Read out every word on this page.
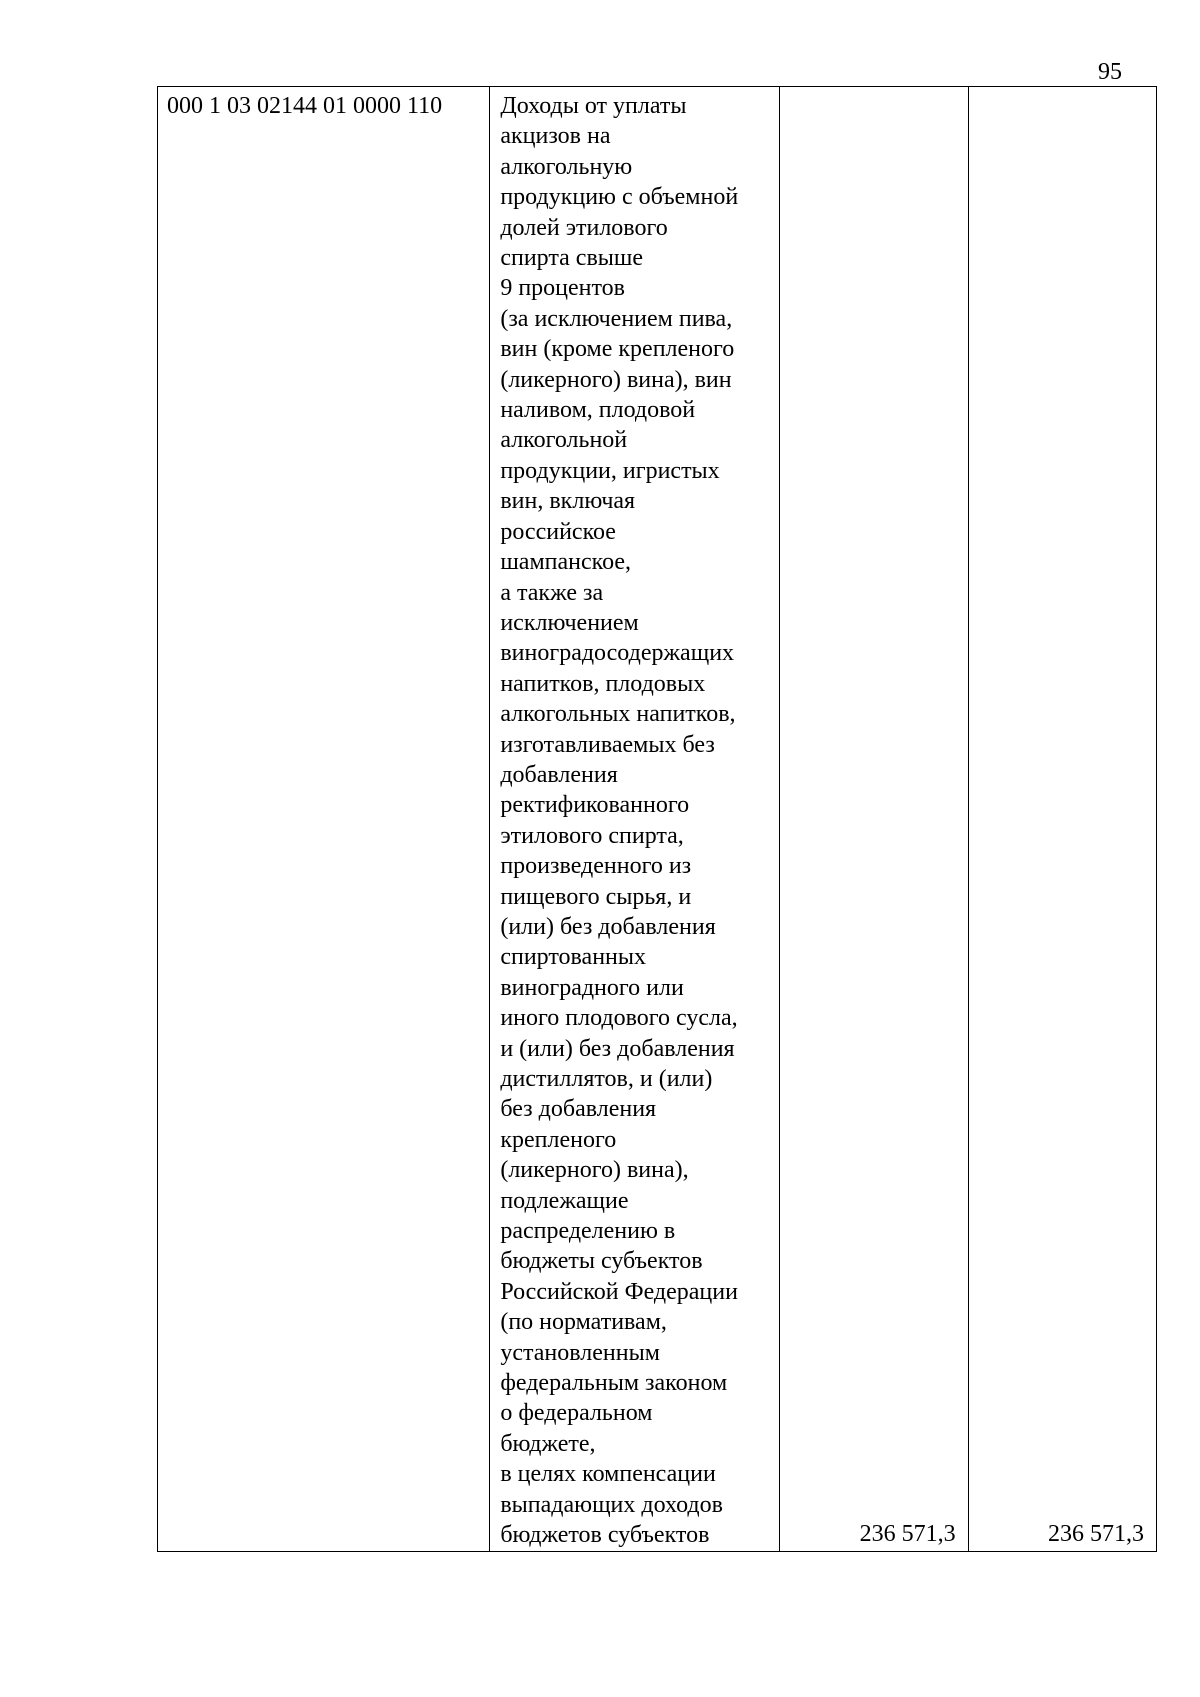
95
000 1 03 02144 01 0000 110	Доходы от уплаты
акцизов на
алкогольную
продукцию с объемной
долей этилового
спирта свыше
9 процентов
(за исключением пива,
вин (кроме крепленого
(ликерного) вина), вин
наливом, плодовой
алкогольной
продукции, игристых
вин, включая
российское
шампанское,
а также за
исключением
виноградосодержащих
напитков, плодовых
алкогольных напитков,
изготавливаемых без
добавления
ректификованного
этилового спирта,
произведенного из
пищевого сырья, и
(или) без добавления
спиртованных
виноградного или
иного плодового сусла,
и (или) без добавления
дистиллятов, и (или)
без добавления
крепленого
(ликерного) вина),
подлежащие
распределению в
бюджеты субъектов
Российской Федерации
(по нормативам,
установленным
федеральным законом
о федеральном
бюджете,
в целях компенсации
выпадающих доходов
бюджетов субъектов	236 571,3	236 571,3
